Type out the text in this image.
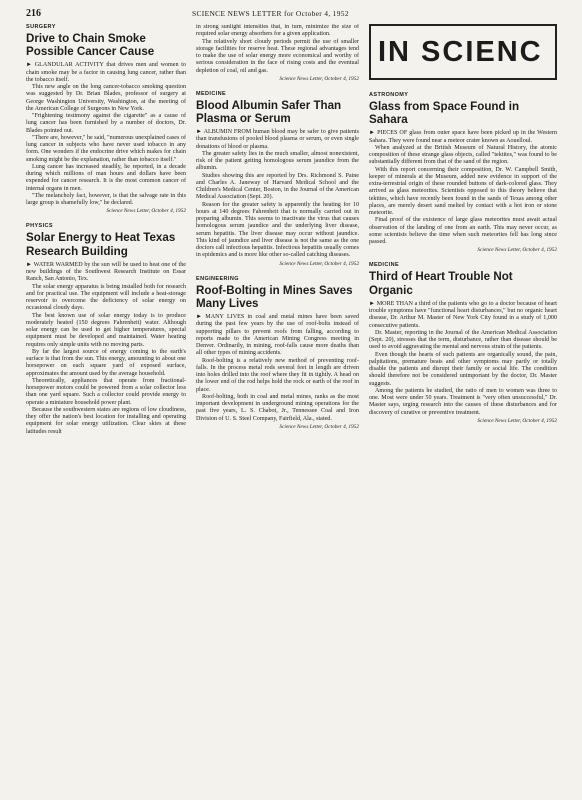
216	SCIENCE NEWS LETTER for October 4, 1952
SURGERY
Drive to Chain Smoke Possible Cancer Cause

► GLANDULAR ACTIVITY that drives men and women to chain smoke may be a factor in causing lung cancer, rather than the tobacco itself.

This new angle on the long cancer-tobacco smoking question was suggested by Dr. Brian Blades, professor of surgery at George Washington University, Washington, at the meeting of the American College of Surgeons in New York.

"Frightening testimony against the cigarette" as a cause of lung cancer has been furnished by a number of doctors, Dr. Blades pointed out.

"There are, however," he said, "numerous unexplained cases of lung cancer in subjects who have never used tobacco in any form. One wonders if the endocrine drive which makes for chain smoking might be the explanation, rather than tobacco itself."

Lung cancer has increased steadily, he reported, in a decade during which millions of man hours and dollars have been expended for cancer research. It is the most common cancer of internal organs in men.

"The melancholy fact, however, is that the salvage rate in this large group is shamefully low," he declared.

Science News Letter, October 4, 1952
PHYSICS
Solar Energy to Heat Texas Research Building

► WATER WARMED by the sun will be used to heat one of the new buildings of the Southwest Research Institute on Essar Ranch, San Antonio, Tex.

The solar energy apparatus is being installed both for research and for practical use. The equipment will include a heat-storage reservoir to overcome the deficiency of solar energy on occasional cloudy days.

The best known use of solar energy today is to produce moderately heated (150 degrees Fahrenheit) water. Although solar energy can be used to get higher temperatures, special equipment must be developed and maintained. Water heating requires only simple units with no moving parts.

By far the largest source of energy coming to the earth's surface is that from the sun. This energy, amounting to about one horsepower on each square yard of exposed surface, approximates the amount used by the average household.

Theoretically, appliances that operate from fractional-horsepower motors could be powered from a solar collector less than one yard square. Such a collector could provide energy to operate a miniature household power plant.

Because the southwestern states are regions of low cloudiness, they offer the nation's best location for installing and operating equipment for solar energy utilization. Clear skies at these latitudes result

in strong sunlight intensities that, in turn, minimize the size of required solar energy absorbers for a given application.

The relatively short cloudy periods permit the use of smaller storage facilities for reserve heat. These regional advantages tend to make the use of solar energy more economical and worthy of serious consideration in the face of rising costs and the eventual depletion of coal, oil and gas.

Science News Letter, October 4, 1952
MEDICINE
Blood Albumin Safer Than Plasma or Serum

► ALBUMIN FROM human blood may be safer to give patients than transfusions of pooled blood plasma or serum, or even single donations of blood or plasma.

The greater safety lies in the much smaller, almost nonexistent, risk of the patient getting homologous serum jaundice from the albumin.

Studies showing this are reported by Drs. Richmond S. Paine and Charles A. Janeway of Harvard Medical School and the Children's Medical Center, Boston, in the Journal of the American Medical Association (Sept. 20).

Reason for the greater safety is apparently the heating for 10 hours at 140 degrees Fahrenheit that is normally carried out in preparing albumin. This seems to inactivate the virus that causes homologous serum jaundice and the underlying liver disease, serum hepatitis. The liver disease may occur without jaundice. This kind of jaundice and liver disease is not the same as the one doctors call infectious hepatitis. Infectious hepatitis usually comes in epidemics and is more like other so-called catching diseases.

Science News Letter, October 4, 1952
ENGINEERING
Roof-Bolting in Mines Saves Many Lives

► MANY LIVES in coal and metal mines have been saved during the past few years by the use of roof-bolts instead of supporting pillars to prevent roofs from falling, according to reports made to the American Mining Congress meeting in Denver. Ordinarily, in mining, roof-falls cause more deaths than all other types of mining accidents.

Roof-bolting is a relatively new method of preventing roof-falls. In the process metal rods several feet in length are driven into holes drilled into the roof where they fit in tightly. A head on the lower end of the rod helps hold the rock or earth of the roof in place.

Roof-bolting, both in coal and metal mines, ranks as the most important development in underground mining operations for the past five years, L. S. Chabot, Jr., Tennessee Coal and Iron Division of U. S. Steel Company, Fairfield, Ala., stated.

Science News Letter, October 4, 1952
IN SCIENC
ASTRONOMY
Glass from Space Found in Sahara

► PIECES OF glass from outer space have been picked up in the Western Sahara. They were found near a meteor crater known as Aouelloul.

When analyzed at the British Museum of Natural History, the atomic composition of these strange glass objects, called "tektites," was found to be substantially different from that of the sand of the region.

With this report concerning their composition, Dr. W. Campbell Smith, keeper of minerals at the Museum, added new evidence in support of the extra-terrestrial origin of these rounded buttons of dark-colored glass. They arrived as glass meteorites. Scientists opposed to this theory believe that tektites, which have recently been found in the sands of Texas among other places, are merely desert sand melted by contact with a hot iron or stone meteorite.

Final proof of the existence of large glass meteorites must await actual observation of the landing of one from an earth. This may never occur, as some scientists believe the time when such meteorites fell has long since passed.

Science News Letter, October 4, 1952
MEDICINE
Third of Heart Trouble Not Organic

► MORE THAN a third of the patients who go to a doctor because of heart trouble symptoms have "functional heart disturbances," but no organic heart disease, Dr. Arthur M. Master of New York City found in a study of 1,000 consecutive patients.

Dr. Master, reporting in the Journal of the American Medical Association (Sept. 20), stresses that the term, disturbance, rather than disease should be used to avoid aggravating the mental and nervous strain of the patients.

Even though the hearts of such patients are organically sound, the pain, palpitations, premature beats and other symptoms may partly or totally disable the patients and disrupt their family or social life. The condition should therefore not be considered unimportant by the doctor, Dr. Master suggests.

Among the patients he studied, the ratio of men to women was three to one. Most were under 50 years. Treatment is "very often unsuccessful," Dr. Master says, urging research into the causes of these disturbances and for discovery of curative or preventive treatment.

Science News Letter, October 4, 1952
